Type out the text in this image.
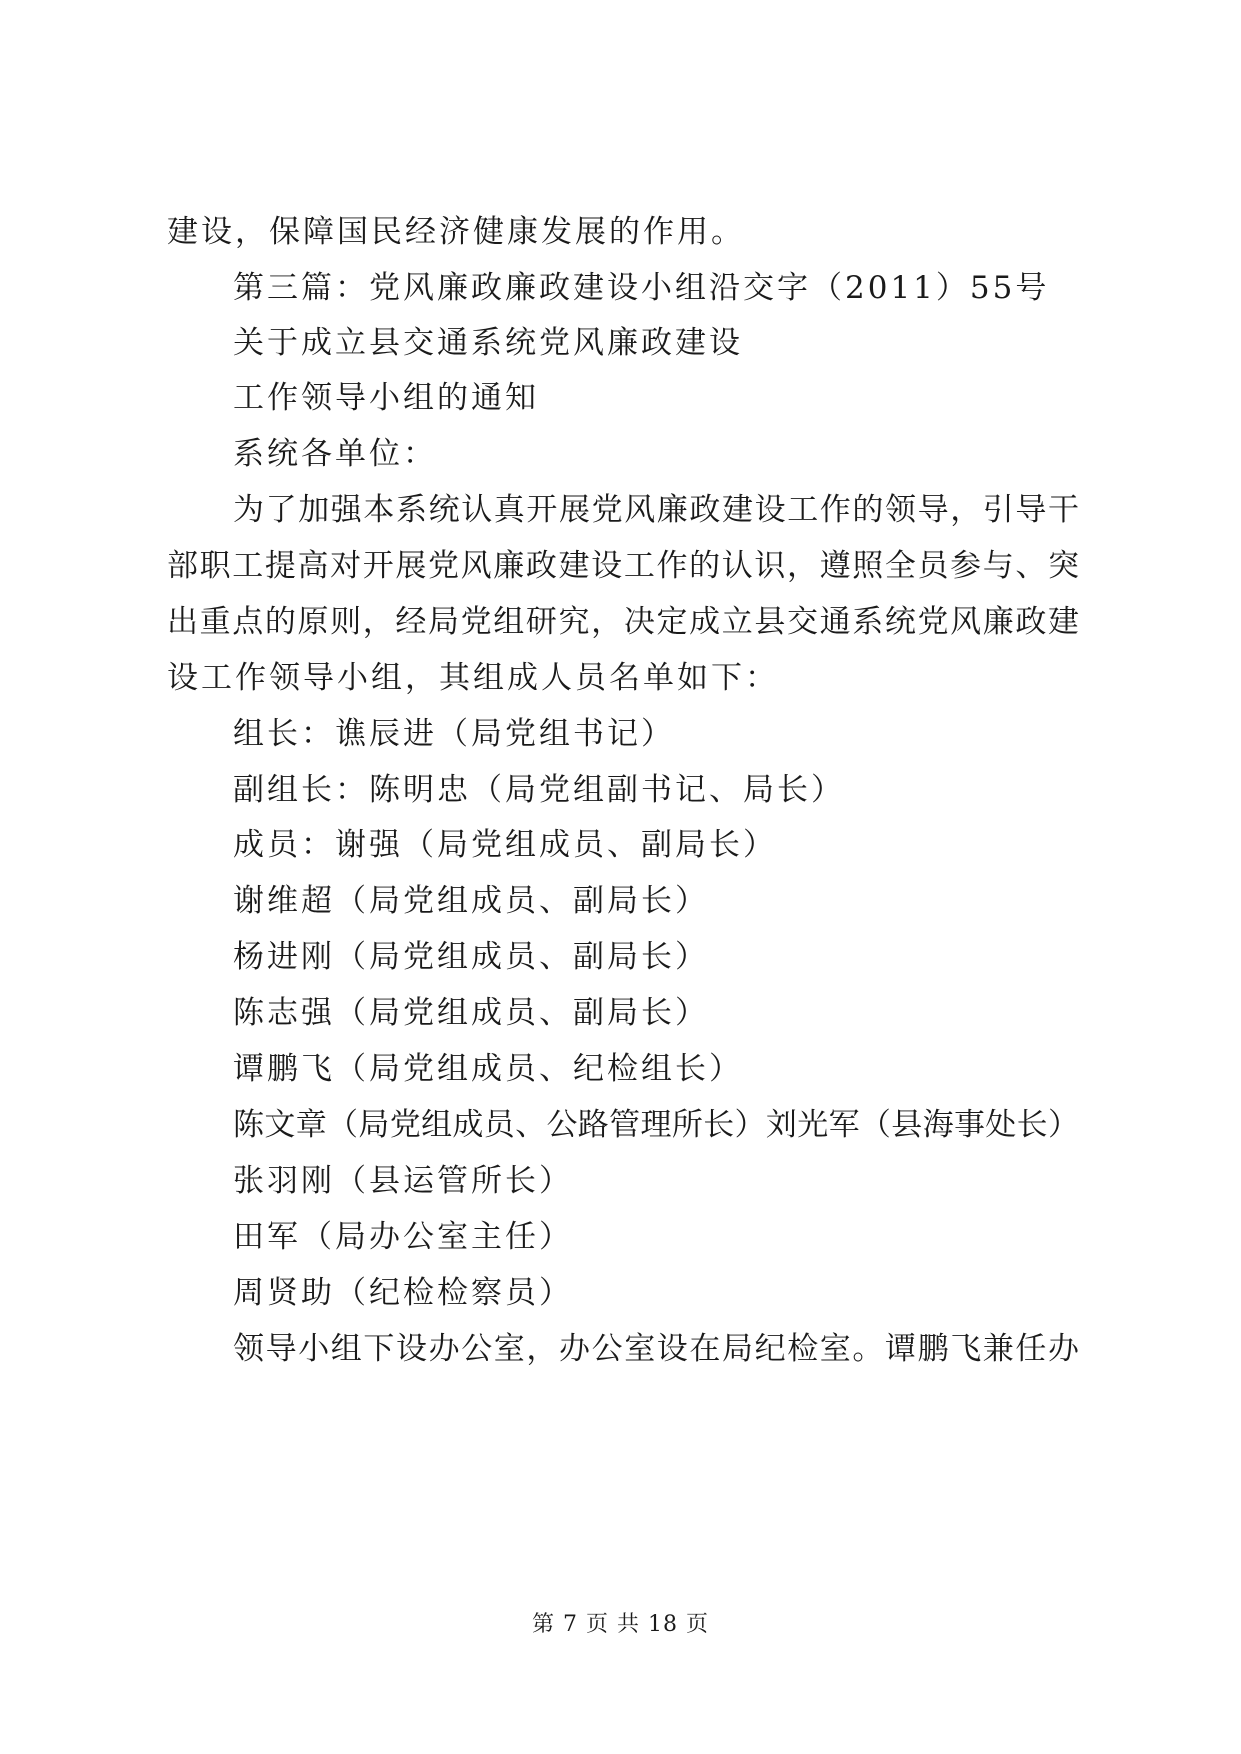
建设，保障国民经济健康发展的作用。
第三篇：党风廉政廉政建设小组沿交字（2011）55号
关于成立县交通系统党风廉政建设
工作领导小组的通知
系统各单位：
为了加强本系统认真开展党风廉政建设工作的领导，引导干
部职工提高对开展党风廉政建设工作的认识，遵照全员参与、突
出重点的原则，经局党组研究，决定成立县交通系统党风廉政建
设工作领导小组，其组成人员名单如下：
组长：谯辰进（局党组书记）
副组长：陈明忠（局党组副书记、局长）
成员：谢强（局党组成员、副局长）
谢维超（局党组成员、副局长）
杨进刚（局党组成员、副局长）
陈志强（局党组成员、副局长）
谭鹏飞（局党组成员、纪检组长）
陈文章（局党组成员、公路管理所长）刘光军（县海事处长）
张羽刚（县运管所长）
田军（局办公室主任）
周贤助（纪检检察员）
领导小组下设办公室，办公室设在局纪检室。谭鹏飞兼任办
第 7 页 共 18 页
